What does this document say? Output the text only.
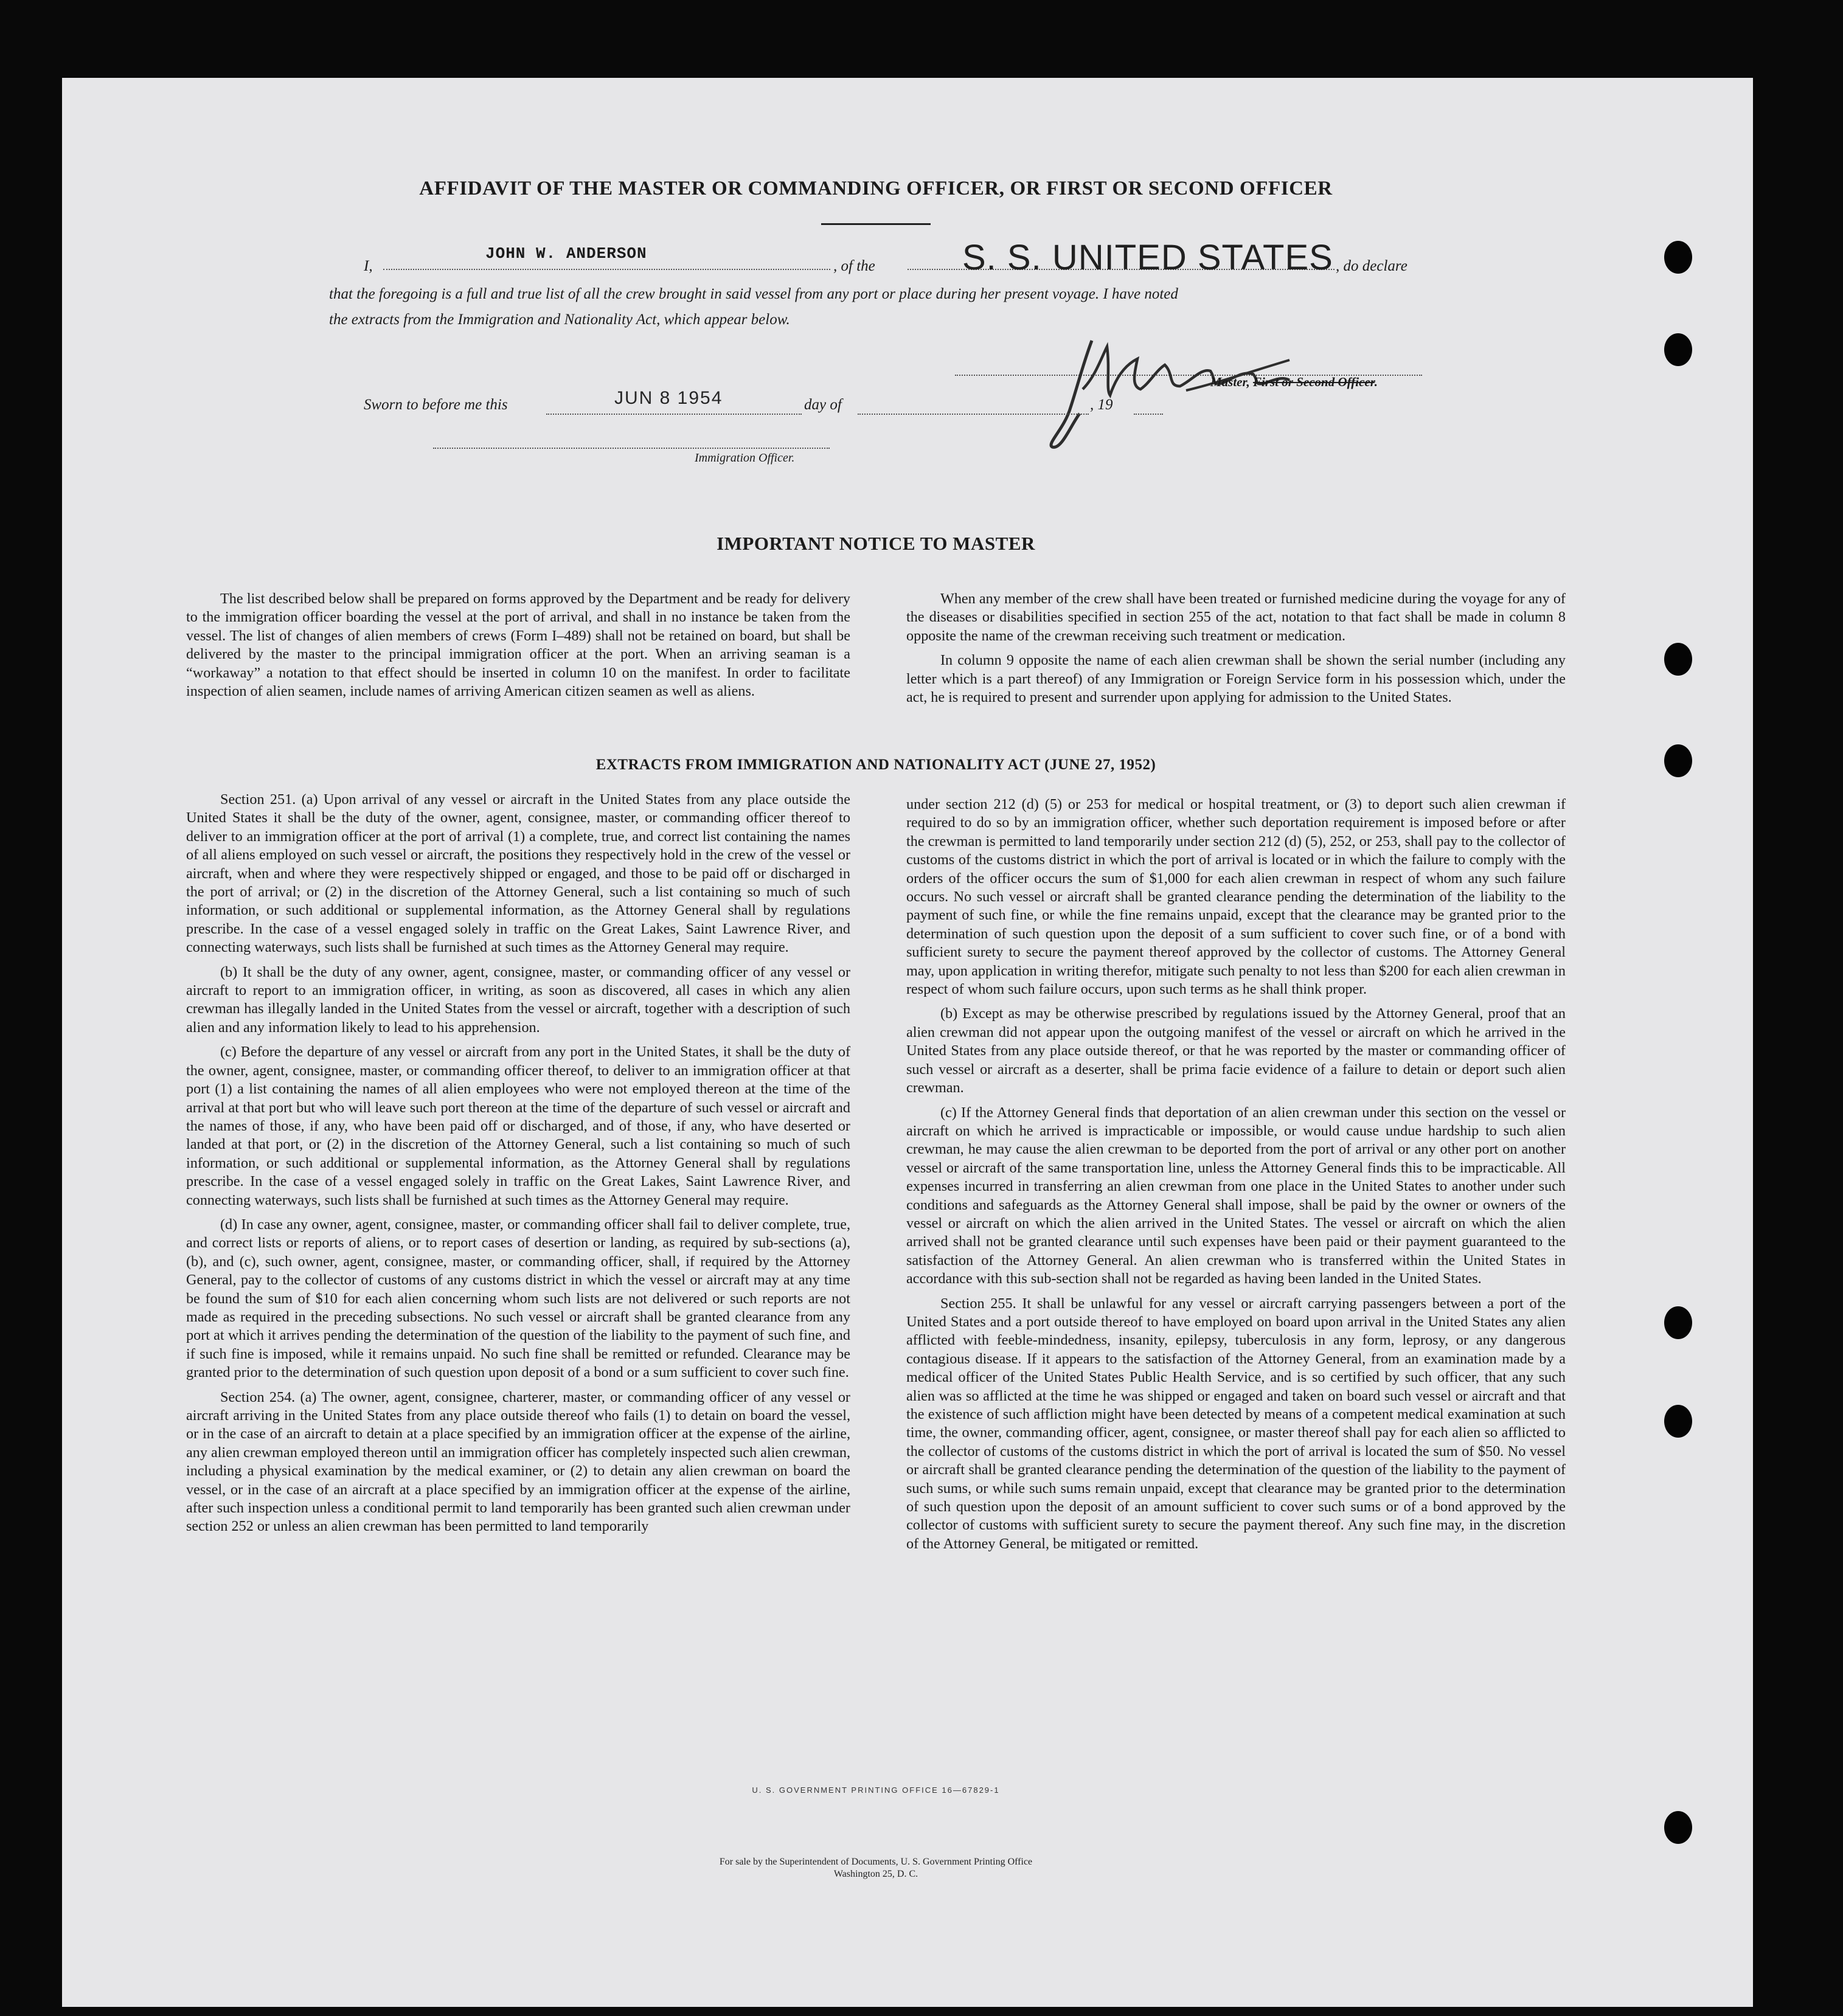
AFFIDAVIT OF THE MASTER OR COMMANDING OFFICER, OR FIRST OR SECOND OFFICER
I,
JOHN W. ANDERSON
, of the S. S. UNITED STATES , do declare
that the foregoing is a full and true list of all the crew brought in said vessel from any port or place during her present voyage. I have noted
the extracts from the Immigration and Nationality Act, which appear below.
Master, First or Second Officer.
Sworn to before me this	JUN 8 1954	day of	, 19
Immigration Officer.
IMPORTANT NOTICE TO MASTER

The list described below shall be prepared on forms approved by the Department and be ready for delivery to the immigration officer boarding the vessel at the port of arrival, and shall in no instance be taken from the vessel. The list of changes of alien members of crews (Form I–489) shall not be retained on board, but shall be delivered by the master to the principal immigration officer at the port. When an arriving seaman is a “workaway” a notation to that effect should be inserted in column 10 on the manifest. In order to facilitate inspection of alien seamen, include names of arriving American citizen seamen as well as aliens.

When any member of the crew shall have been treated or furnished medicine during the voyage for any of the diseases or disabilities specified in section 255 of the act, notation to that fact shall be made in column 8 opposite the name of the crewman receiving such treatment or medication.

In column 9 opposite the name of each alien crewman shall be shown the serial number (including any letter which is a part thereof) of any Immigration or Foreign Service form in his possession which, under the act, he is required to present and surrender upon applying for admission to the United States.

EXTRACTS FROM IMMIGRATION AND NATIONALITY ACT (JUNE 27, 1952)

Section 251. (a) Upon arrival of any vessel or aircraft in the United States from any place outside the United States it shall be the duty of the owner, agent, consignee, master, or commanding officer thereof to deliver to an immigration officer at the port of arrival (1) a complete, true, and correct list containing the names of all aliens employed on such vessel or aircraft, the positions they respectively hold in the crew of the vessel or aircraft, when and where they were respectively shipped or engaged, and those to be paid off or discharged in the port of arrival; or (2) in the discretion of the Attorney General, such a list containing so much of such information, or such additional or supplemental information, as the Attorney General shall by regulations prescribe. In the case of a vessel engaged solely in traffic on the Great Lakes, Saint Lawrence River, and connecting waterways, such lists shall be furnished at such times as the Attorney General may require.

(b) It shall be the duty of any owner, agent, consignee, master, or commanding officer of any vessel or aircraft to report to an immigration officer, in writing, as soon as discovered, all cases in which any alien crewman has illegally landed in the United States from the vessel or aircraft, together with a description of such alien and any information likely to lead to his apprehension.

(c) Before the departure of any vessel or aircraft from any port in the United States, it shall be the duty of the owner, agent, consignee, master, or commanding officer thereof, to deliver to an immigration officer at that port (1) a list containing the names of all alien employees who were not employed thereon at the time of the arrival at that port but who will leave such port thereon at the time of the departure of such vessel or aircraft and the names of those, if any, who have been paid off or discharged, and of those, if any, who have deserted or landed at that port, or (2) in the discretion of the Attorney General, such a list containing so much of such information, or such additional or supplemental information, as the Attorney General shall by regulations prescribe. In the case of a vessel engaged solely in traffic on the Great Lakes, Saint Lawrence River, and connecting waterways, such lists shall be furnished at such times as the Attorney General may require.

(d) In case any owner, agent, consignee, master, or commanding officer shall fail to deliver complete, true, and correct lists or reports of aliens, or to report cases of desertion or landing, as required by sub-sections (a), (b), and (c), such owner, agent, consignee, master, or commanding officer, shall, if required by the Attorney General, pay to the collector of customs of any customs district in which the vessel or aircraft may at any time be found the sum of $10 for each alien concerning whom such lists are not delivered or such reports are not made as required in the preceding subsections. No such vessel or aircraft shall be granted clearance from any port at which it arrives pending the determination of the question of the liability to the payment of such fine, and if such fine is imposed, while it remains unpaid. No such fine shall be remitted or refunded. Clearance may be granted prior to the determination of such question upon deposit of a bond or a sum sufficient to cover such fine.

Section 254. (a) The owner, agent, consignee, charterer, master, or commanding officer of any vessel or aircraft arriving in the United States from any place outside thereof who fails (1) to detain on board the vessel, or in the case of an aircraft to detain at a place specified by an immigration officer at the expense of the airline, any alien crewman employed thereon until an immigration officer has completely inspected such alien crewman, including a physical examination by the medical examiner, or (2) to detain any alien crewman on board the vessel, or in the case of an aircraft at a place specified by an immigration officer at the expense of the airline, after such inspection unless a conditional permit to land temporarily has been granted such alien crewman under section 252 or unless an alien crewman has been permitted to land temporarily

under section 212 (d) (5) or 253 for medical or hospital treatment, or (3) to deport such alien crewman if required to do so by an immigration officer, whether such deportation requirement is imposed before or after the crewman is permitted to land temporarily under section 212 (d) (5), 252, or 253, shall pay to the collector of customs of the customs district in which the port of arrival is located or in which the failure to comply with the orders of the officer occurs the sum of $1,000 for each alien crewman in respect of whom any such failure occurs. No such vessel or aircraft shall be granted clearance pending the determination of the liability to the payment of such fine, or while the fine remains unpaid, except that the clearance may be granted prior to the determination of such question upon the deposit of a sum sufficient to cover such fine, or of a bond with sufficient surety to secure the payment thereof approved by the collector of customs. The Attorney General may, upon application in writing therefor, mitigate such penalty to not less than $200 for each alien crewman in respect of whom such failure occurs, upon such terms as he shall think proper.

(b) Except as may be otherwise prescribed by regulations issued by the Attorney General, proof that an alien crewman did not appear upon the outgoing manifest of the vessel or aircraft on which he arrived in the United States from any place outside thereof, or that he was reported by the master or commanding officer of such vessel or aircraft as a deserter, shall be prima facie evidence of a failure to detain or deport such alien crewman.

(c) If the Attorney General finds that deportation of an alien crewman under this section on the vessel or aircraft on which he arrived is impracticable or impossible, or would cause undue hardship to such alien crewman, he may cause the alien crewman to be deported from the port of arrival or any other port on another vessel or aircraft of the same transportation line, unless the Attorney General finds this to be impracticable. All expenses incurred in transferring an alien crewman from one place in the United States to another under such conditions and safeguards as the Attorney General shall impose, shall be paid by the owner or owners of the vessel or aircraft on which the alien arrived in the United States. The vessel or aircraft on which the alien arrived shall not be granted clearance until such expenses have been paid or their payment guaranteed to the satisfaction of the Attorney General. An alien crewman who is transferred within the United States in accordance with this sub-section shall not be regarded as having been landed in the United States.

Section 255. It shall be unlawful for any vessel or aircraft carrying passengers between a port of the United States and a port outside thereof to have employed on board upon arrival in the United States any alien afflicted with feeble-mindedness, insanity, epilepsy, tuberculosis in any form, leprosy, or any dangerous contagious disease. If it appears to the satisfaction of the Attorney General, from an examination made by a medical officer of the United States Public Health Service, and is so certified by such officer, that any such alien was so afflicted at the time he was shipped or engaged and taken on board such vessel or aircraft and that the existence of such affliction might have been detected by means of a competent medical examination at such time, the owner, commanding officer, agent, consignee, or master thereof shall pay for each alien so afflicted to the collector of customs of the customs district in which the port of arrival is located the sum of $50. No vessel or aircraft shall be granted clearance pending the determination of the question of the liability to the payment of such sums, or while such sums remain unpaid, except that clearance may be granted prior to the determination of such question upon the deposit of an amount sufficient to cover such sums or of a bond approved by the collector of customs with sufficient surety to secure the payment thereof. Any such fine may, in the discretion of the Attorney General, be mitigated or remitted.

U. S. GOVERNMENT PRINTING OFFICE 16—67829-1
For sale by the Superintendent of Documents, U. S. Government Printing Office
Washington 25, D. C.
